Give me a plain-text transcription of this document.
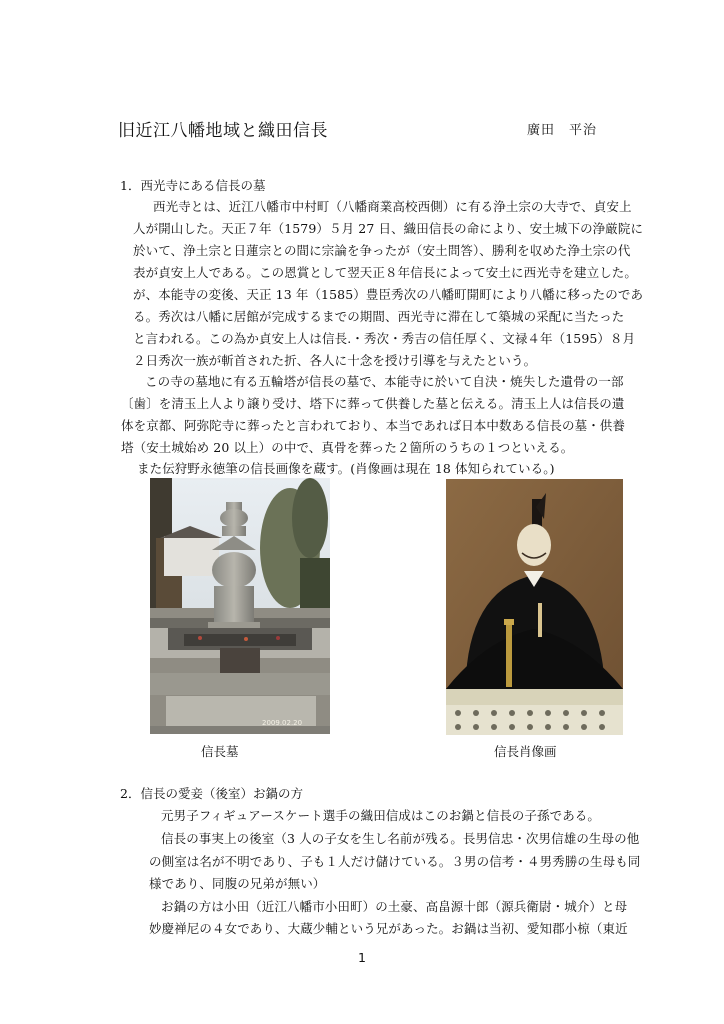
旧近江八幡地域と織田信長	廣田　平治
1．西光寺にある信長の墓
西光寺とは、近江八幡市中村町（八幡商業高校西側）に有る浄土宗の大寺で、貞安上
人が開山した。天正７年（1579）５月 27 日、織田信長の命により、安土城下の浄厳院に
於いて、浄土宗と日蓮宗との間に宗論を争ったが（安土問答）、勝利を収めた浄土宗の代
表が貞安上人である。この恩賞として翌天正８年信長によって安土に西光寺を建立した。
が、本能寺の変後、天正 13 年（1585）豊臣秀次の八幡町開町により八幡に移ったのであ
る。秀次は八幡に居館が完成するまでの期間、西光寺に滞在して築城の采配に当たった
と言われる。この為か貞安上人は信長.・秀次・秀吉の信任厚く、文禄４年（1595）８月
２日秀次一族が斬首された折、各人に十念を授け引導を与えたという。
この寺の墓地に有る五輪塔が信長の墓で、本能寺に於いて自決・焼失した遺骨の一部
〔歯〕を清玉上人より譲り受け、塔下に葬って供養した墓と伝える。清玉上人は信長の遺
体を京都、阿弥陀寺に葬ったと言われており、本当であれば日本中数ある信長の墓・供養
塔（安土城始め 20 以上）の中で、真骨を葬った２箇所のうちの１つといえる。
また伝狩野永徳筆の信長画像を蔵す。(肖像画は現在 18 体知られている。)
2009.02.20
信長墓	信長肖像画
2．信長の愛妾（後室）お鍋の方
元男子フィギュアースケート選手の織田信成はこのお鍋と信長の子孫である。
信長の事実上の後室（3 人の子女を生し名前が残る。長男信忠・次男信雄の生母の他
の側室は名が不明であり、子も１人だけ儲けている。３男の信考・４男秀勝の生母も同
様であり、同腹の兄弟が無い）
お鍋の方は小田（近江八幡市小田町）の土豪、高畠源十郎（源兵衛尉・城介）と母
妙慶禅尼の４女であり、大蔵少輔という兄があった。お鍋は当初、愛知郡小椋（東近
1
